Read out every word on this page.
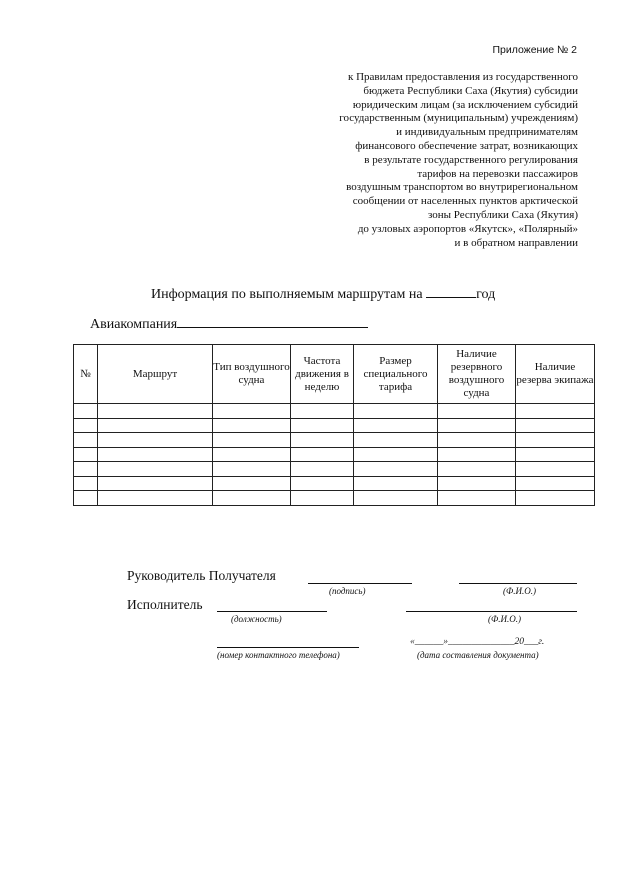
Приложение № 2
к Правилам предоставления из государственного
бюджета Республики Саха (Якутия) субсидии
юридическим лицам (за исключением субсидий
государственным (муниципальным) учреждениям)
и индивидуальным предпринимателям
финансового обеспечение затрат, возникающих
в результате государственного регулирования
тарифов на перевозки пассажиров
воздушным транспортом во внутрирегиональном
сообщении от населенных пунктов арктической
зоны Республики Саха (Якутия)
до узловых аэропортов «Якутск», «Полярный»
и в обратном направлении
Информация по выполняемым маршрутам на	год
Авиакомпания
№	Маршрут	Тип воздушного судна	Частота движения в неделю	Размер специального тарифа	Наличие резервного воздушного судна	Наличие резерва экипажа

Руководитель Получателя
(подпись)	(Ф.И.О.)
Исполнитель
(должность)	(Ф.И.О.)
(номер контактного телефона)
«______»______________20___г.
(дата составления документа)
